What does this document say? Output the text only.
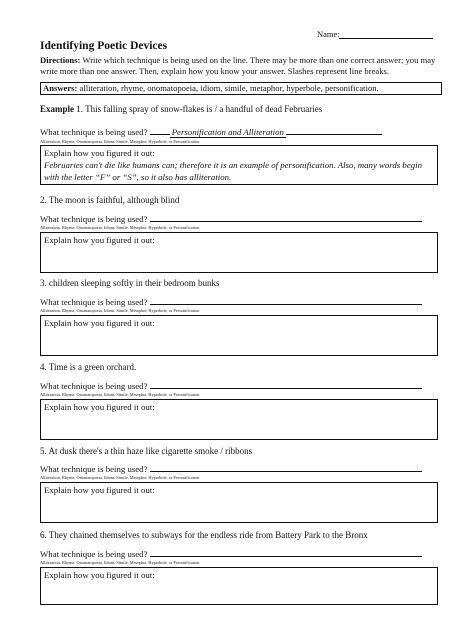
Name:
Identifying Poetic Devices
Directions: Write which technique is being used on the line. There may be more than one correct answer; you may write more than one answer. Then, explain how you know your answer. Slashes represent line breaks.
Answers: alliteration, rhyme, onomatopoeia, idiom, simile, metaphor, hyperbole, personification.
Example 1. This falling spray of snow-flakes is / a handful of dead Februaries
What technique is being used?	Personification and Alliteration
Alliteration, Rhyme, Onomatopoeia, Idiom, Simile, Metaphor, Hyperbole, or Personification
Explain how you figured it out:
Februaries can't die like humans can; therefore it is an example of personification. Also, many words begin with the letter “F” or “S”, so it also has alliteration.
2. The moon is faithful, although blind
What technique is being used?
Alliteration, Rhyme, Onomatopoeia, Idiom, Simile, Metaphor, Hyperbole, or Personification
Explain how you figured it out:
3. children sleeping softly in their bedroom bunks
What technique is being used?
Alliteration, Rhyme, Onomatopoeia, Idiom, Simile, Metaphor, Hyperbole, or Personification
Explain how you figured it out:
4. Time is a green orchard.
What technique is being used?
Alliteration, Rhyme, Onomatopoeia, Idiom, Simile, Metaphor, Hyperbole, or Personification
Explain how you figured it out:
5. At dusk there's a thin haze like cigarette smoke / ribbons
What technique is being used?
Alliteration, Rhyme, Onomatopoeia, Idiom, Simile, Metaphor, Hyperbole, or Personification
Explain how you figured it out:
6. They chained themselves to subways for the endless ride from Battery Park to the Bronx
What technique is being used?
Alliteration, Rhyme, Onomatopoeia, Idiom, Simile, Metaphor, Hyperbole, or Personification
Explain how you figured it out:
